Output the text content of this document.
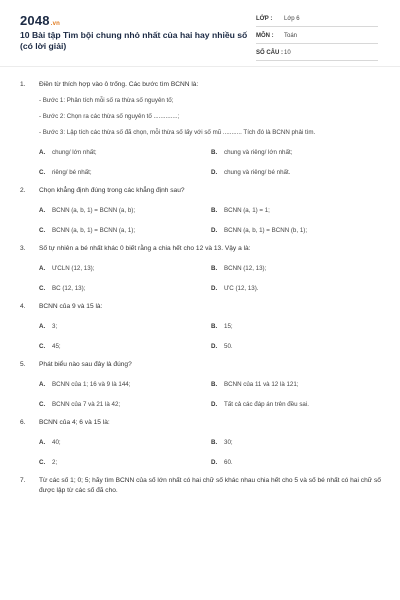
2048.vn
10 Bài tập Tìm bội chung nhỏ nhất của hai hay nhiều số (có lời giải)
LỚP :	Lớp 6
MÔN :	Toán
SỐ CÂU : 10
1.	Điền từ thích hợp vào ô trống. Các bước tìm BCNN là:
- Bước 1: Phân tích mỗi số ra thừa số nguyên tố;
- Bước 2: Chọn ra các thừa số nguyên tố ..............;
- Bước 3: Lập tích các thừa số đã chọn, mỗi thừa số lấy với số mũ ........... Tích đó là BCNN phải tìm.
A.	chung/ lớn nhất;	B.	chung và riêng/ lớn nhất;
C.	riêng/ bé nhất;	D.	chung và riêng/ bé nhất.
2.	Chọn khẳng định đúng trong các khẳng định sau?
A.	BCNN (a, b, 1) = BCNN (a, b);	B.	BCNN (a, 1) = 1;
C.	BCNN (a, b, 1) = BCNN (a, 1);	D.	BCNN (a, b, 1) = BCNN (b, 1);
3.	Số tự nhiên a bé nhất khác 0 biết rằng a chia hết cho 12 và 13. Vậy a là:
A.	ƯCLN (12, 13);	B.	BCNN (12, 13);
C.	BC (12, 13);	D.	ƯC (12, 13).
4.	BCNN của 9 và 15 là:
A.	3;	B.	15;
C.	45;	D.	50.
5.	Phát biểu nào sau đây là đúng?
A.	BCNN của 1; 16 và 9 là 144;	B.	BCNN của 11 và 12 là 121;
C.	BCNN của 7 và 21 là 42;	D.	Tất cả các đáp án trên đều sai.
6.	BCNN của 4; 6 và 15 là:
A.	40;	B.	30;
C.	2;	D.	60.
7.	Từ các số 1; 0; 5; hãy tìm BCNN của số lớn nhất có hai chữ số khác nhau chia hết cho 5 và số bé nhất có hai chữ số được lập từ các số đã cho.
